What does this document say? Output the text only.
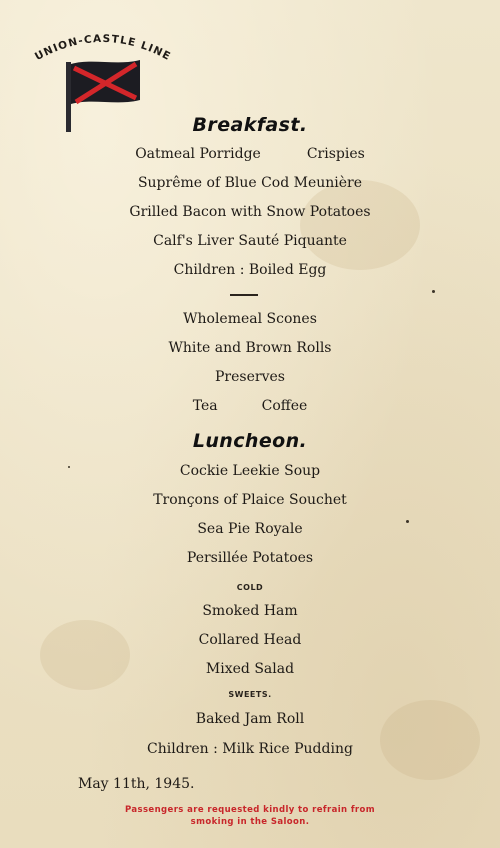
UNION-CASTLE LINE
Breakfast.
Oatmeal Porridge	Crispies
Suprême of Blue Cod Meunière
Grilled Bacon with Snow Potatoes
Calf's Liver Sauté Piquante
Children : Boiled Egg
Wholemeal Scones
White and Brown Rolls
Preserves
Tea	Coffee
Luncheon.
Cockie Leekie Soup
Tronçons of Plaice Souchet
Sea Pie Royale
Persillée Potatoes
COLD
Smoked Ham
Collared Head
Mixed Salad
SWEETS.
Baked Jam Roll
Children : Milk Rice Pudding
May 11th, 1945.
Passengers are requested kindly to refrain from
smoking in the Saloon.
